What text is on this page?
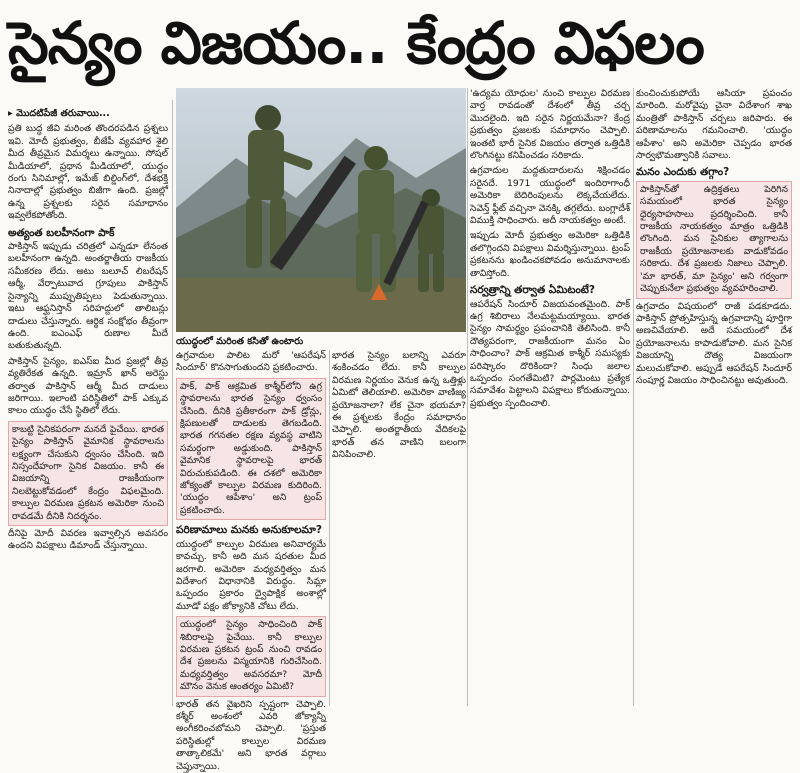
సైన్యం విజయం.. కేంద్రం విఫలం

▸ మొదటిపేజీ తరువాయి...

ప్రతి బుద్ధ జీవి మరింత తొందరపడిన ప్రశ్నలు ఇవి. మోదీ ప్రభుత్వం, బీజేపీ వ్యవహార శైలి మీద తీవ్రమైన విమర్శలు ఉన్నాయి. సోషల్ మీడియాలో, ప్రధాన మీడియాలో, యుద్ధం రంగు సినిమాల్లో, ఇమేజ్ బిల్డింగ్‌లో, దేశభక్తి నినాదాల్లో ప్రభుత్వం బిజీగా ఉంది. ప్రజల్లో ఉన్న ప్రశ్నలకు సరైన సమాధానం ఇవ్వలేకపోతోంది.

అత్యంత బలహీనంగా పాక్

పాకిస్తాన్ ఇప్పుడు చరిత్రలో ఎన్నడూ లేనంత బలహీనంగా ఉన్నది. అంతర్జాతీయ రాజకీయ సమీకరణ లేదు. అటు బలూచ్ లిబరేషన్ ఆర్మీ, వేర్పాటువాద గ్రూపులు పాకిస్తాన్ సైన్యాన్ని ముప్పుతిప్పలు పెడుతున్నాయి. ఇటు ఆఫ్ఘనిస్తాన్ సరిహద్దులో తాలిబన్లు దాడులు చేస్తున్నారు. ఆర్థిక సంక్షోభం తీవ్రంగా ఉంది. ఐఎంఎఫ్ రుణాల మీదే బతుకుతున్నది.

పాకిస్తాన్ సైన్యం, ఐఎస్ఐ మీద ప్రజల్లో తీవ్ర వ్యతిరేకత ఉన్నది. ఇమ్రాన్ ఖాన్ అరెస్టు తర్వాత పాకిస్తాన్ ఆర్మీ మీద దాడులు జరిగాయి. ఇలాంటి పరిస్థితిలో పాక్ ఎక్కువ కాలం యుద్ధం చేసే స్థితిలో లేదు.

కాబట్టి సైనికపరంగా మనదే పైచేయి. భారత సైన్యం పాకిస్తాన్ వైమానిక స్థావరాలను లక్ష్యంగా చేసుకుని ధ్వంసం చేసింది. ఇది నిస్సందేహంగా సైనిక విజయం. కానీ ఈ విజయాన్ని రాజకీయంగా నిలబెట్టుకోవడంలో కేంద్రం విఫలమైంది. కాల్పుల విరమణ ప్రకటన అమెరికా నుంచి రావడమే దీనికి నిదర్శనం.

దీనిపై మోదీ వివరణ ఇవ్వాల్సిన అవసరం ఉందని విపక్షాలు డిమాండ్ చేస్తున్నాయి.

యుద్ధంలో మరింత కసితో ఉంటారు

ఉగ్రవాదుల పాలిట మరో 'ఆపరేషన్ సిందూర్' కొనసాగుతుందని ప్రకటించారు.

పాక్, పాక్ ఆక్రమిత కాశ్మీర్‌లోని ఉగ్ర స్థావరాలను భారత సైన్యం ధ్వంసం చేసింది. దీనికి ప్రతీకారంగా పాక్ డ్రోన్లు, క్షిపణులతో దాడులకు తెగబడింది. భారత గగనతల రక్షణ వ్యవస్థ వాటిని సమర్థంగా అడ్డుకుంది. పాకిస్తాన్ వైమానిక స్థావరాలపై భారత్ విరుచుకుపడింది. ఈ దశలో అమెరికా జోక్యంతో కాల్పుల విరమణ కుదిరింది. 'యుద్ధం ఆపేశాం' అని ట్రంప్ ప్రకటించారు.
పరిణామాలు మనకు అనుకూలమా?

యుద్ధంలో కాల్పుల విరమణ అనివార్యమే కావచ్చు. కానీ అది మన షరతుల మీద జరగాలి. అమెరికా మధ్యవర్తిత్వం మన విదేశాంగ విధానానికి విరుద్ధం. సిమ్లా ఒప్పందం ప్రకారం ద్వైపాక్షిక అంశాల్లో మూడో పక్షం జోక్యానికి చోటు లేదు.

యుద్ధంలో సైన్యం సాధించింది పాక్ శిబిరాలపై పైచేయి. కానీ కాల్పుల విరమణ ప్రకటన ట్రంప్ నుంచి రావడం దేశ ప్రజలను విస్మయానికి గురిచేసింది. మధ్యవర్తిత్వం అవసరమా? మోదీ మౌనం వెనుక ఆంతర్యం ఏమిటి?

భారత్ తన వైఖరిని స్పష్టంగా చెప్పాలి. కశ్మీర్ అంశంలో ఎవరి జోక్యాన్నీ అంగీకరించబోమని చెప్పాలి. 'ప్రస్తుత పరిస్థితుల్లో కాల్పుల విరమణ తాత్కాలికమే' అని భారత వర్గాలు చెప్తున్నాయి.

'ఉద్యమ యోధుల' నుంచి కాల్పుల విరమణ వార్త రావడంతో దేశంలో తీవ్ర చర్చ మొదలైంది. ఇది సరైన నిర్ణయమేనా? కేంద్ర ప్రభుత్వం ప్రజలకు సమాధానం చెప్పాలి. ఇంతటి భారీ సైనిక విజయం తర్వాత ఒత్తిడికి లొంగినట్టు కనిపించడం సరికాదు.

ఉగ్రవాదుల మద్దతుదారులను శిక్షించడం సరైనదే. 1971 యుద్ధంలో ఇందిరాగాంధీ అమెరికా బెదిరింపులను లెక్కచేయలేదు. సెవెన్త్ ఫ్లీట్ వచ్చినా వెనక్కి తగ్గలేదు. బంగ్లాదేశ్ విముక్తి సాధించారు. అదీ నాయకత్వం అంటే.

ఇప్పుడు మోదీ ప్రభుత్వం అమెరికా ఒత్తిడికి తలొగ్గిందని విపక్షాలు విమర్శిస్తున్నాయి. ట్రంప్ ప్రకటనను ఖండించకపోవడం అనుమానాలకు తావిస్తోంది.

సర్వత్రాన్ని తర్వాత ఏమిటంటే?

ఆపరేషన్ సిందూర్ విజయవంతమైంది. పాక్ ఉగ్ర శిబిరాలు నేలమట్టమయ్యాయి. భారత సైన్యం సామర్థ్యం ప్రపంచానికి తెలిసింది. కానీ దౌత్యపరంగా, రాజకీయంగా మనం ఏం సాధించాం? పాక్ ఆక్రమిత కాశ్మీర్ సమస్యకు పరిష్కారం దొరికిందా? సింధు జలాల ఒప్పందం సంగతేమిటి? పార్లమెంటు ప్రత్యేక సమావేశం పెట్టాలని విపక్షాలు కోరుతున్నాయి. ప్రభుత్వం స్పందించాలి.

భారత సైన్యం బలాన్ని ఎవరూ శంకించడం లేదు. కానీ కాల్పుల విరమణ నిర్ణయం వెనుక ఉన్న ఒత్తిళ్లు ఏమిటో తెలియాలి. అమెరికా వాణిజ్య ప్రయోజనాలా? లేక చైనా భయమా? ఈ ప్రశ్నలకు కేంద్రం సమాధానం చెప్పాలి. అంతర్జాతీయ వేదికలపై భారత్ తన వాణిని బలంగా వినిపించాలి.

కుంచించుకుపోయే ఆసియా ప్రపంచం మారింది. మరోవైపు చైనా విదేశాంగ శాఖ మంత్రితో పాకిస్తాన్ చర్చలు జరిపారు. ఈ పరిణామాలను గమనించాలి. 'యుద్ధం ఆపేశాం' అని అమెరికా చెప్పడం భారత సార్వభౌమత్వానికి సవాలు.

మనం ఎందుకు తగ్గాం?
పాకిస్తాన్‌తో ఉద్రిక్తతలు పెరిగిన సమయంలో భారత సైన్యం ధైర్యసాహసాలు ప్రదర్శించింది. కానీ రాజకీయ నాయకత్వం మాత్రం ఒత్తిడికి లొంగింది. మన సైనికుల త్యాగాలను రాజకీయ ప్రయోజనాలకు వాడుకోవడం సరికాదు. దేశ ప్రజలకు నిజాలు చెప్పాలి. 'మా భారత్, మా సైన్యం' అని గర్వంగా చెప్పుకునేలా ప్రభుత్వం వ్యవహరించాలి.

ఉగ్రవాదం విషయంలో రాజీ పడకూడదు. పాకిస్తాన్ ప్రోత్సహిస్తున్న ఉగ్రవాదాన్ని పూర్తిగా అణచివేయాలి. అదే సమయంలో దేశ ప్రయోజనాలను కాపాడుకోవాలి. మన సైనిక విజయాన్ని దౌత్య విజయంగా మలుచుకోవాలి. అప్పుడే ఆపరేషన్ సిందూర్ సంపూర్ణ విజయం సాధించినట్టు అవుతుంది.
